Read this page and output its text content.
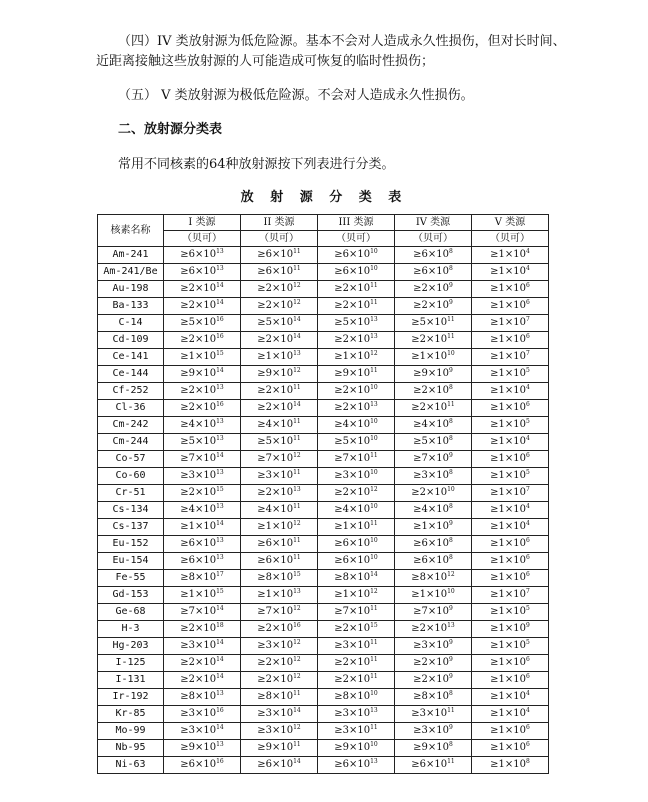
（四）IV 类放射源为低危险源。基本不会对人造成永久性损伤，但对长时间、
近距离接触这些放射源的人可能造成可恢复的临时性损伤；
（五） V 类放射源为极低危险源。不会对人造成永久性损伤。
二、放射源分类表
常用不同核素的64种放射源按下列表进行分类。
放 射 源 分 类 表
核素名称	I 类源	II 类源	III 类源	IV 类源	V 类源
	（贝可）	（贝可）	（贝可）	（贝可）	（贝可）
Am-241	$\ge 6\times 10^{13}$	$\ge 6\times 10^{11}$	$\ge 6\times 10^{10}$	$\ge 6\times 10^8$	$\ge 1\times 10^4$
Am-241/Be	$\ge 6\times 10^{13}$	$\ge 6\times 10^{11}$	$\ge 6\times 10^{10}$	$\ge 6\times 10^8$	$\ge 1\times 10^4$
Au-198	$\ge 2\times 10^{14}$	$\ge 2\times 10^{12}$	$\ge 2\times 10^{11}$	$\ge 2\times 10^9$	$\ge 1\times 10^6$
Ba-133	$\ge 2\times 10^{14}$	$\ge 2\times 10^{12}$	$\ge 2\times 10^{11}$	$\ge 2\times 10^9$	$\ge 1\times 10^6$
C-14	$\ge 5\times 10^{16}$	$\ge 5\times 10^{14}$	$\ge 5\times 10^{13}$	$\ge 5\times 10^{11}$	$\ge 1\times 10^7$
Cd-109	$\ge 2\times 10^{16}$	$\ge 2\times 10^{14}$	$\ge 2\times 10^{13}$	$\ge 2\times 10^{11}$	$\ge 1\times 10^6$
Ce-141	$\ge 1\times 10^{15}$	$\ge 1\times 10^{13}$	$\ge 1\times 10^{12}$	$\ge 1\times 10^{10}$	$\ge 1\times 10^7$
Ce-144	$\ge 9\times 10^{14}$	$\ge 9\times 10^{12}$	$\ge 9\times 10^{11}$	$\ge 9\times 10^9$	$\ge 1\times 10^5$
Cf-252	$\ge 2\times 10^{13}$	$\ge 2\times 10^{11}$	$\ge 2\times 10^{10}$	$\ge 2\times 10^8$	$\ge 1\times 10^4$
Cl-36	$\ge 2\times 10^{16}$	$\ge 2\times 10^{14}$	$\ge 2\times 10^{13}$	$\ge 2\times 10^{11}$	$\ge 1\times 10^6$
Cm-242	$\ge 4\times 10^{13}$	$\ge 4\times 10^{11}$	$\ge 4\times 10^{10}$	$\ge 4\times 10^8$	$\ge 1\times 10^5$
Cm-244	$\ge 5\times 10^{13}$	$\ge 5\times 10^{11}$	$\ge 5\times 10^{10}$	$\ge 5\times 10^8$	$\ge 1\times 10^4$
Co-57	$\ge 7\times 10^{14}$	$\ge 7\times 10^{12}$	$\ge 7\times 10^{11}$	$\ge 7\times 10^9$	$\ge 1\times 10^6$
Co-60	$\ge 3\times 10^{13}$	$\ge 3\times 10^{11}$	$\ge 3\times 10^{10}$	$\ge 3\times 10^8$	$\ge 1\times 10^5$
Cr-51	$\ge 2\times 10^{15}$	$\ge 2\times 10^{13}$	$\ge 2\times 10^{12}$	$\ge 2\times 10^{10}$	$\ge 1\times 10^7$
Cs-134	$\ge 4\times 10^{13}$	$\ge 4\times 10^{11}$	$\ge 4\times 10^{10}$	$\ge 4\times 10^8$	$\ge 1\times 10^4$
Cs-137	$\ge 1\times 10^{14}$	$\ge 1\times 10^{12}$	$\ge 1\times 10^{11}$	$\ge 1\times 10^9$	$\ge 1\times 10^4$
Eu-152	$\ge 6\times 10^{13}$	$\ge 6\times 10^{11}$	$\ge 6\times 10^{10}$	$\ge 6\times 10^8$	$\ge 1\times 10^6$
Eu-154	$\ge 6\times 10^{13}$	$\ge 6\times 10^{11}$	$\ge 6\times 10^{10}$	$\ge 6\times 10^8$	$\ge 1\times 10^6$
Fe-55	$\ge 8\times 10^{17}$	$\ge 8\times 10^{15}$	$\ge 8\times 10^{14}$	$\ge 8\times 10^{12}$	$\ge 1\times 10^6$
Gd-153	$\ge 1\times 10^{15}$	$\ge 1\times 10^{13}$	$\ge 1\times 10^{12}$	$\ge 1\times 10^{10}$	$\ge 1\times 10^7$
Ge-68	$\ge 7\times 10^{14}$	$\ge 7\times 10^{12}$	$\ge 7\times 10^{11}$	$\ge 7\times 10^9$	$\ge 1\times 10^5$
H-3	$\ge 2\times 10^{18}$	$\ge 2\times 10^{16}$	$\ge 2\times 10^{15}$	$\ge 2\times 10^{13}$	$\ge 1\times 10^9$
Hg-203	$\ge 3\times 10^{14}$	$\ge 3\times 10^{12}$	$\ge 3\times 10^{11}$	$\ge 3\times 10^9$	$\ge 1\times 10^5$
I-125	$\ge 2\times 10^{14}$	$\ge 2\times 10^{12}$	$\ge 2\times 10^{11}$	$\ge 2\times 10^9$	$\ge 1\times 10^6$
I-131	$\ge 2\times 10^{14}$	$\ge 2\times 10^{12}$	$\ge 2\times 10^{11}$	$\ge 2\times 10^9$	$\ge 1\times 10^6$
Ir-192	$\ge 8\times 10^{13}$	$\ge 8\times 10^{11}$	$\ge 8\times 10^{10}$	$\ge 8\times 10^8$	$\ge 1\times 10^4$
Kr-85	$\ge 3\times 10^{16}$	$\ge 3\times 10^{14}$	$\ge 3\times 10^{13}$	$\ge 3\times 10^{11}$	$\ge 1\times 10^4$
Mo-99	$\ge 3\times 10^{14}$	$\ge 3\times 10^{12}$	$\ge 3\times 10^{11}$	$\ge 3\times 10^9$	$\ge 1\times 10^6$
Nb-95	$\ge 9\times 10^{13}$	$\ge 9\times 10^{11}$	$\ge 9\times 10^{10}$	$\ge 9\times 10^8$	$\ge 1\times 10^6$
Ni-63	$\ge 6\times 10^{16}$	$\ge 6\times 10^{14}$	$\ge 6\times 10^{13}$	$\ge 6\times 10^{11}$	$\ge 1\times 10^8$
